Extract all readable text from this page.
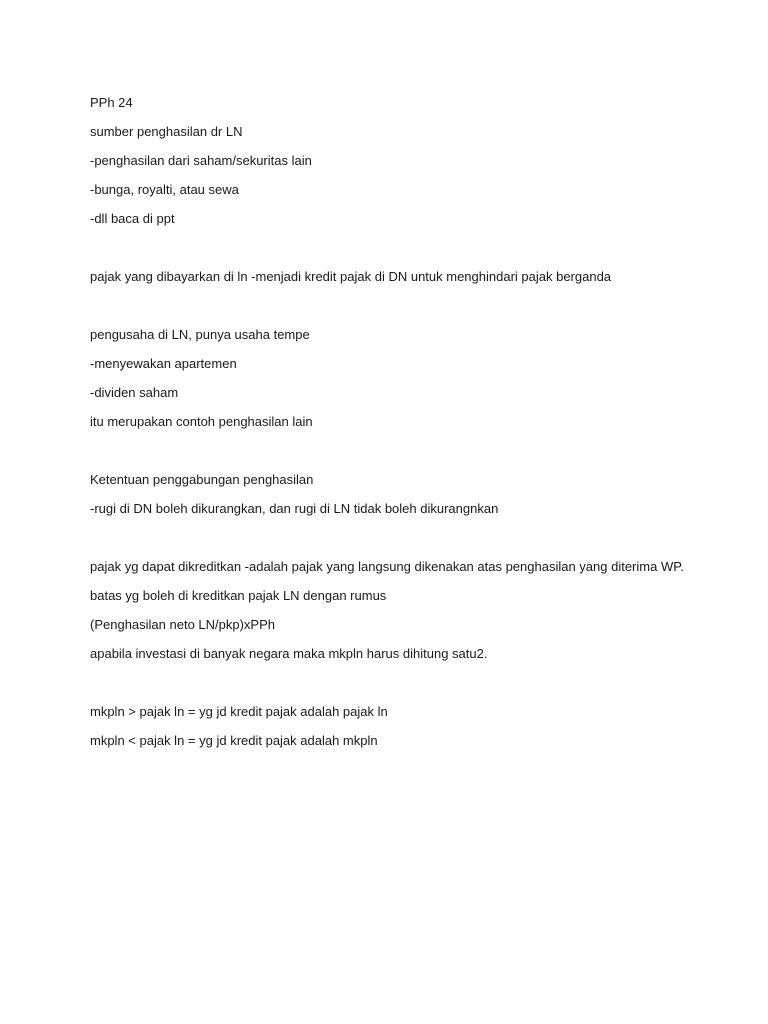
PPh 24
sumber penghasilan dr LN
-penghasilan dari saham/sekuritas lain
-bunga, royalti, atau sewa
-dll baca di ppt
pajak yang dibayarkan di ln -menjadi kredit pajak di DN untuk menghindari pajak berganda
pengusaha di LN, punya usaha tempe
-menyewakan apartemen
-dividen saham
itu merupakan contoh penghasilan lain
Ketentuan penggabungan penghasilan
-rugi di DN boleh dikurangkan, dan rugi di LN tidak boleh dikurangnkan
pajak yg dapat dikreditkan -adalah pajak yang langsung dikenakan atas penghasilan yang diterima WP.
batas yg boleh di kreditkan pajak LN dengan rumus
(Penghasilan neto LN/pkp)xPPh
apabila investasi di banyak negara maka mkpln harus dihitung satu2.
mkpln > pajak ln = yg jd kredit pajak adalah pajak ln
mkpln < pajak ln = yg jd kredit pajak adalah mkpln
